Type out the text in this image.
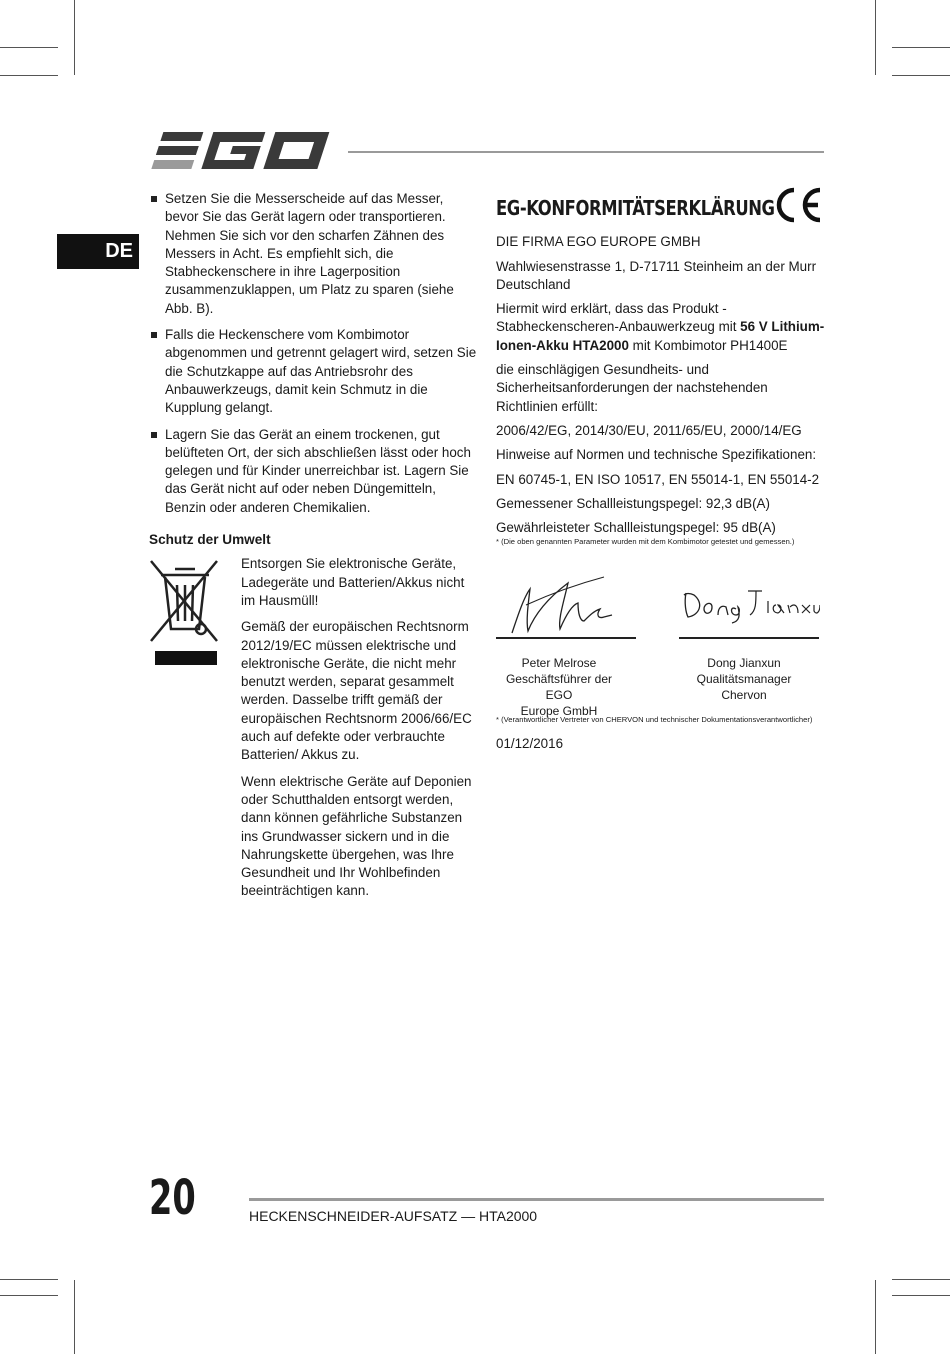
DE
Setzen Sie die Messerscheide auf das Messer, bevor Sie das Gerät lagern oder transportieren. Nehmen Sie sich vor den scharfen Zähnen des Messers in Acht. Es empfiehlt sich, die Stabheckenschere in ihre Lagerposition zusammenzuklappen, um Platz zu sparen (siehe Abb. B).
Falls die Heckenschere vom Kombimotor abgenommen und getrennt gelagert wird, setzen Sie die Schutzkappe auf das Antriebsrohr des Anbauwerkzeugs, damit kein Schmutz in die Kupplung gelangt.
Lagern Sie das Gerät an einem trockenen, gut belüfteten Ort, der sich abschließen lässt oder hoch gelegen und für Kinder unerreichbar ist. Lagern Sie das Gerät nicht auf oder neben Düngemitteln, Benzin oder anderen Chemikalien.
Schutz der Umwelt

Entsorgen Sie elektronische Geräte, Ladegeräte und Batterien/Akkus nicht im Hausmüll!

Gemäß der europäischen Rechtsnorm 2012/19/EC müssen elektrische und elektronische Geräte, die nicht mehr benutzt werden, separat gesammelt werden. Dasselbe trifft gemäß der europäischen Rechtsnorm 2006/66/EC auch auf defekte oder verbrauchte Batterien/ Akkus zu.

Wenn elektrische Geräte auf Deponien oder Schutthalden entsorgt werden, dann können gefährliche Substanzen ins Grundwasser sickern und in die Nahrungskette übergehen, was Ihre Gesundheit und Ihr Wohlbefinden beeinträchtigen kann.

EG-KONFORMITÄTSERKLÄRUNG

DIE FIRMA EGO EUROPE GMBH

Wahlwiesenstrasse 1, D-71711 Steinheim an der Murr Deutschland

Hiermit wird erklärt, dass das Produkt - Stabheckenscheren-Anbauwerkzeug mit 56 V Lithium-Ionen-Akku HTA2000 mit Kombimotor PH1400E

die einschlägigen Gesundheits- und Sicherheitsanforderungen der nachstehenden Richtlinien erfüllt:

2006/42/EG, 2014/30/EU, 2011/65/EU, 2000/14/EG

Hinweise auf Normen und technische Spezifikationen:

EN 60745-1, EN ISO 10517, EN 55014-1, EN 55014-2

Gemessener Schallleistungspegel: 92,3 dB(A)

Gewährleisteter Schallleistungspegel: 95 dB(A)

* (Die oben genannten Parameter wurden mit dem Kombimotor getestet und gemessen.)
Peter Melrose
Geschäftsführer der EGO
Europe GmbH
Dong Jianxun
Qualitätsmanager Chervon
* (Verantwortlicher Vertreter von CHERVON und technischer Dokumentationsverantwortlicher)

01/12/2016

20	HECKENSCHNEIDER-AUFSATZ — HTA2000
